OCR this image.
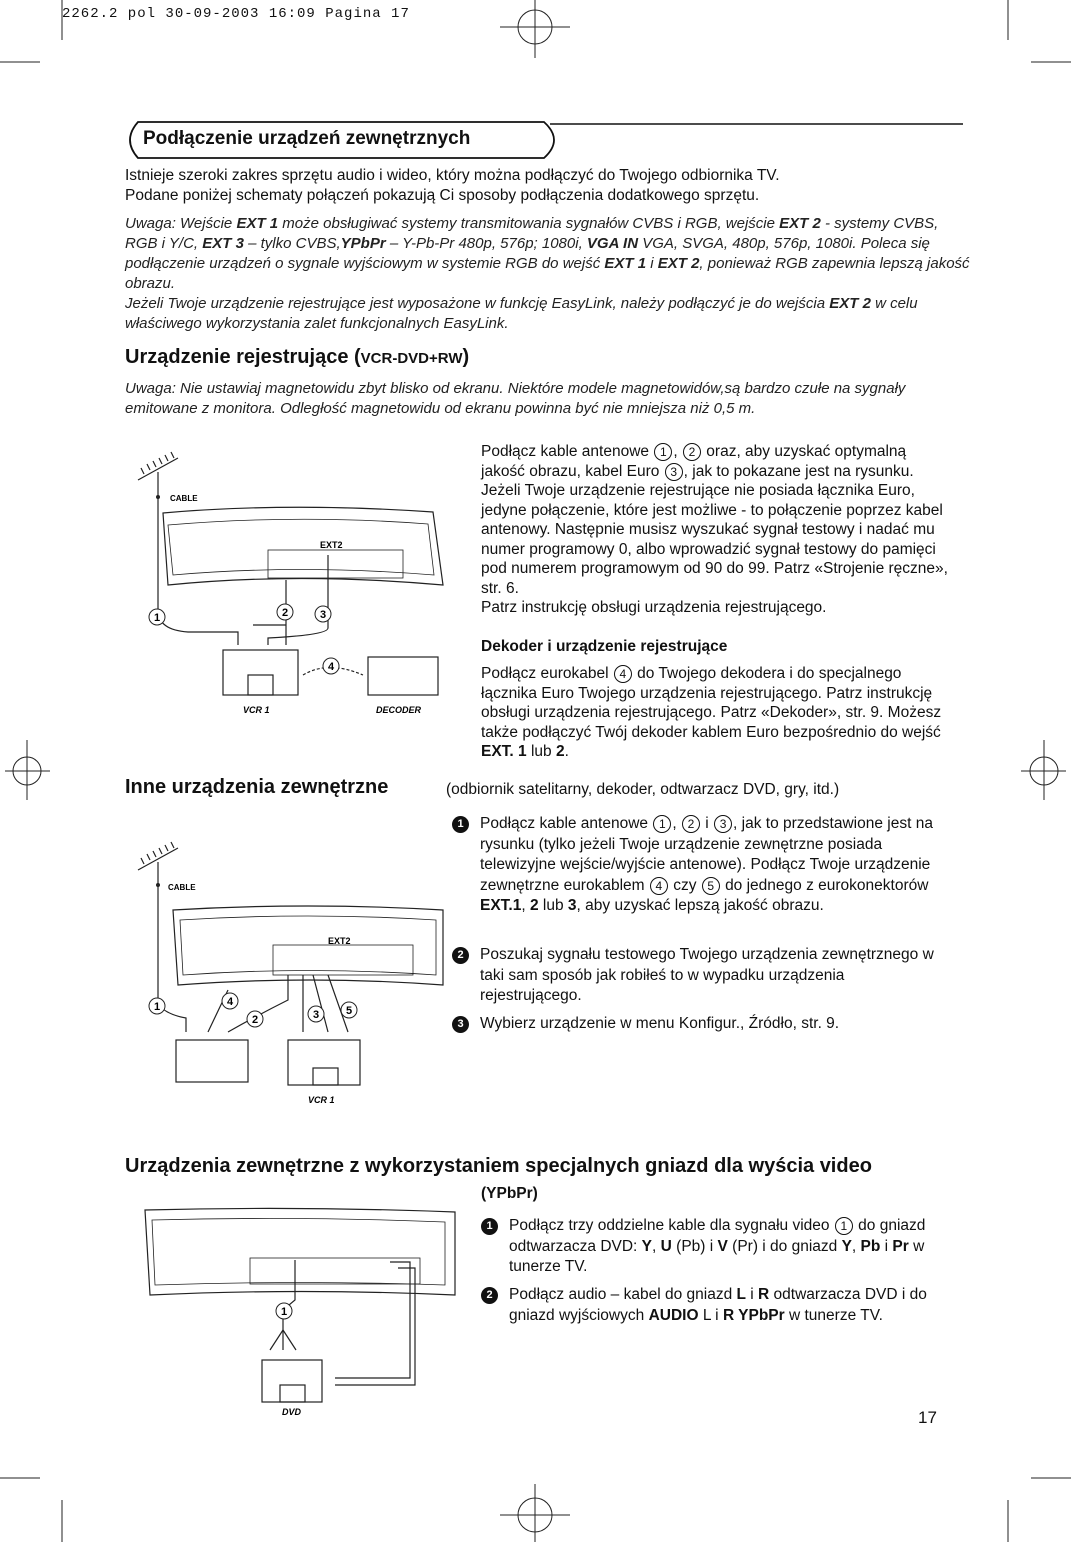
2262.2 pol 30-09-2003 16:09 Pagina 17
Podłączenie urządzeń zewnętrznych
Istnieje szeroki zakres sprzętu audio i wideo, który można podłączyć do Twojego odbiornika TV.
Podane poniżej schematy połączeń pokazują Ci sposoby podłączenia dodatkowego sprzętu.
Uwaga: Wejście EXT 1 może obsługiwać systemy transmitowania sygnałów CVBS i RGB, wejście EXT 2 - systemy CVBS, RGB i Y/C, EXT 3 – tylko CVBS,YPbPr – Y-Pb-Pr 480p, 576p; 1080i, VGA IN VGA, SVGA, 480p, 576p, 1080i. Poleca się podłączenie urządzeń o sygnale wyjściowym w systemie RGB do wejść EXT 1 i EXT 2, ponieważ RGB zapewnia lepszą jakość obrazu.
Jeżeli Twoje urządzenie rejestrujące jest wyposażone w funkcję EasyLink, należy podłączyć je do wejścia EXT 2 w celu właściwego wykorzystania zalet funkcjonalnych EasyLink.
Urządzenie rejestrujące (VCR-DVD+RW)
Uwaga: Nie ustawiaj magnetowidu zbyt blisko od ekranu. Niektóre modele magnetowidów,są bardzo czułe na sygnały emitowane z monitora. Odległość magnetowidu od ekranu powinna być nie mniejsza niż 0,5 m.
CABLE
EXT2
VCR 1	DECODER
1	2	3
4
Podłącz kable antenowe 1 , 2 oraz, aby uzyskać optymalną jakość obrazu, kabel Euro 3 , jak to pokazane jest na rysunku. Jeżeli Twoje urządzenie rejestrujące nie posiada łącznika Euro, jedyne połączenie, które jest możliwe - to połączenie poprzez kabel antenowy. Następnie musisz wyszukać sygnał testowy i nadać mu numer programowy 0, albo wprowadzić sygnał testowy do pamięci pod numerem programowym od 90 do 99. Patrz «Strojenie ręczne», str. 6.
Patrz instrukcję obsługi urządzenia rejestrującego.
Dekoder i urządzenie rejestrujące
Podłącz eurokabel 4 do Twojego dekodera i do specjalnego łącznika Euro Twojego urządzenia rejestrującego. Patrz instrukcję obsługi urządzenia rejestrującego. Patrz «Dekoder», str. 9. Możesz także podłączyć Twój dekoder kablem Euro bezpośrednio do wejść EXT. 1 lub 2.
Inne urządzenia zewnętrzne	(odbiornik satelitarny, dekoder, odtwarzacz DVD, gry, itd.)
CABLE
EXT2
VCR 1
1	4
2	3 5
1	Podłącz kable antenowe 1 , 2 i 3 , jak to przedstawione jest na rysunku (tylko jeżeli Twoje urządzenie zewnętrzne posiada telewizyjne wejście/wyjście antenowe). Podłącz Twoje urządzenie zewnętrzne eurokablem 4 czy 5 do jednego z eurokonektorów EXT.1, 2 lub 3, aby uzyskać lepszą jakość obrazu.
2	Poszukaj sygnału testowego Twojego urządzenia zewnętrznego w taki sam sposób jak robiłeś to w wypadku urządzenia rejestrującego.
3	Wybierz urządzenie w menu Konfigur., Źródło, str. 9.
Urządzenia zewnętrzne z wykorzystaniem specjalnych gniazd dla wyścia video
(YPbPr)
1
DVD
1	Podłącz trzy oddzielne kable dla sygnału video 1 do gniazd odtwarzacza DVD: Y, U (Pb) i V (Pr) i do gniazd Y, Pb i Pr w tunerze TV.
2	Podłącz audio – kabel do gniazd L i R odtwarzacza DVD i do gniazd wyjściowych AUDIO L i R YPbPr w tunerze TV.
17
